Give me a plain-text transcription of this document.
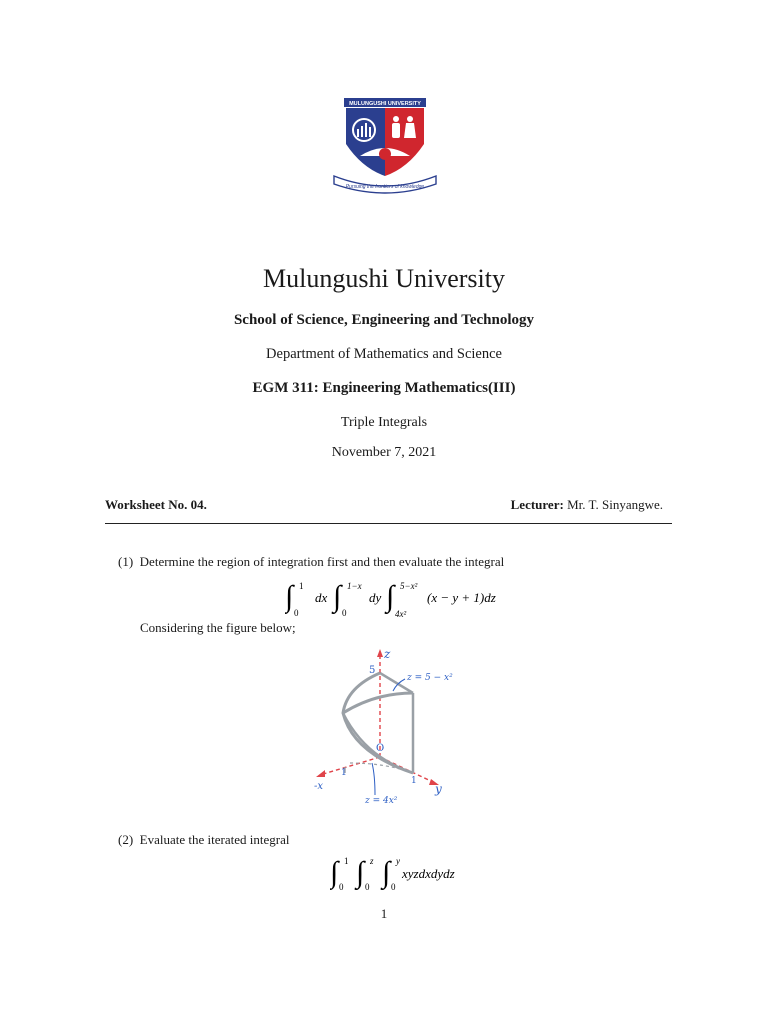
MULUNGUSHI UNIVERSITY
Pursuing the frontiers of knowledge
Mulungushi University
School of Science, Engineering and Technology
Department of Mathematics and Science
EGM 311: Engineering Mathematics(III)
Triple Integrals
November 7, 2021
Worksheet No. 04.	Lecturer: Mr. T. Sinyangwe.
(1) Determine the region of integration first and then evaluate the integral
∫ 1
0
dx ∫ 1−x
0
dy ∫ 5−x²
4x²
(x − y + 1)dz
Considering the figure below;
z
y
-x
O
5
1
1
z = 5 − x²
z = 4x²
(2) Evaluate the iterated integral
∫ 1
0 ∫ z
0 ∫ y
0
xyzdxdydz
1
